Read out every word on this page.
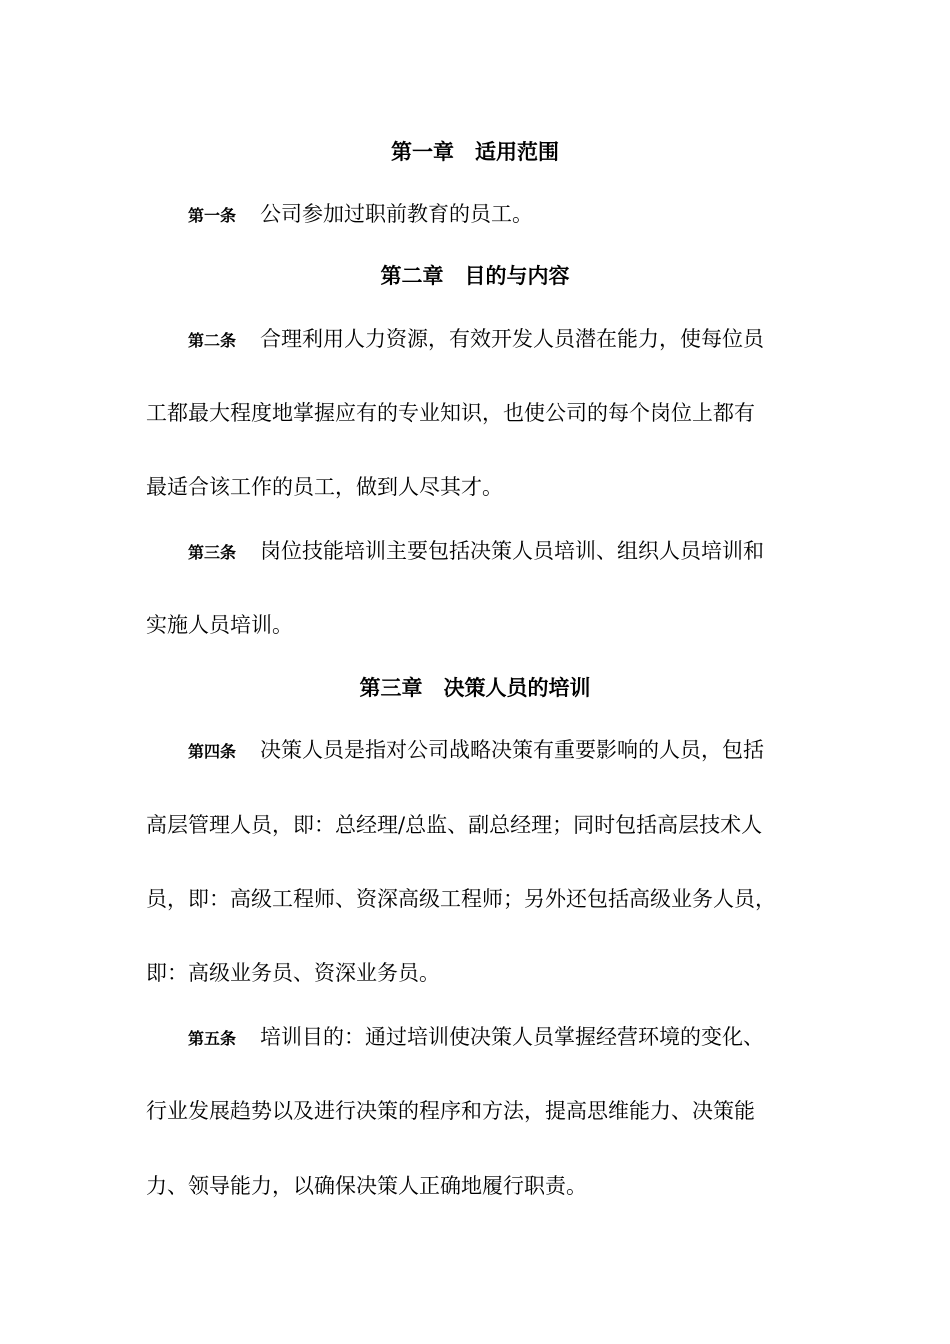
第一章　适用范围
第一条 公司参加过职前教育的员工。
第二章　目的与内容
第二条 合理利用人力资源，有效开发人员潜在能力，使每位员
工都最大程度地掌握应有的专业知识，也使公司的每个岗位上都有
最适合该工作的员工，做到人尽其才。
第三条 岗位技能培训主要包括决策人员培训、组织人员培训和
实施人员培训。
第三章　决策人员的培训
第四条 决策人员是指对公司战略决策有重要影响的人员，包括
高层管理人员，即：总经理/总监、副总经理；同时包括高层技术人
员，即：高级工程师、资深高级工程师；另外还包括高级业务人员，
即：高级业务员、资深业务员。
第五条 培训目的：通过培训使决策人员掌握经营环境的变化、
行业发展趋势以及进行决策的程序和方法，提高思维能力、决策能
力、领导能力，以确保决策人正确地履行职责。
